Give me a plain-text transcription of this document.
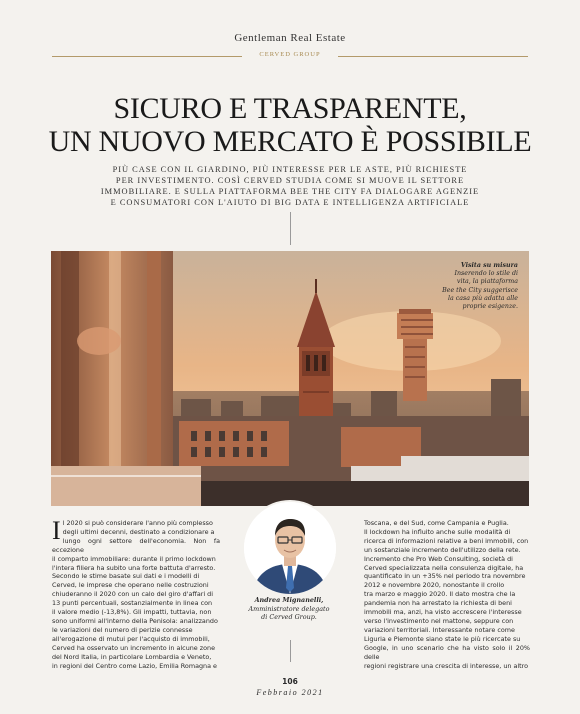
Gentleman Real Estate
CERVED GROUP
SICURO E TRASPARENTE,
UN NUOVO MERCATO È POSSIBILE
PIÙ CASE CON IL GIARDINO, PIÙ INTERESSE PER LE ASTE, PIÙ RICHIESTE
PER INVESTIMENTO. COSÌ CERVED STUDIA COME SI MUOVE IL SETTORE
IMMOBILIARE. E SULLA PIATTAFORMA BEE THE CITY FA DIALOGARE AGENZIE
E CONSUMATORI CON L'AIUTO DI BIG DATA E INTELLIGENZA ARTIFICIALE
Visita su misura
Inserendo lo stile di
vita, la piattaforma
Bee the City suggerisce
la casa più adatta alle
proprie esigenze.
I l 2020 si può considerare l'anno più complesso
degli ultimi decenni, destinato a condizionare a
lungo ogni settore dell'economia. Non fa eccezione
il comparto immobiliare: durante il primo lockdown
l'intera filiera ha subito una forte battuta d'arresto.
Secondo le stime basate sui dati e i modelli di
Cerved, le imprese che operano nelle costruzioni
chiuderanno il 2020 con un calo del giro d'affari di
13 punti percentuali, sostanzialmente in linea con
il valore medio (-13,8%). Gli impatti, tuttavia, non
sono uniformi all'interno della Penisola: analizzando
le variazioni del numero di perizie connesse
all'erogazione di mutui per l'acquisto di immobili,
Cerved ha osservato un incremento in alcune zone
del Nord Italia, in particolare Lombardia e Veneto,
in regioni del Centro come Lazio, Emilia Romagna e
Andrea Mignanelli,
Amministratore delegato
di Cerved Group.
Toscana, e del Sud, come Campania e Puglia.
Il lockdown ha influito anche sulle modalità di
ricerca di informazioni relative a beni immobili, con
un sostanziale incremento dell'utilizzo della rete.
Incremento che Pro Web Consulting, società di
Cerved specializzata nella consulenza digitale, ha
quantificato in un +35% nel periodo tra novembre
2012 e novembre 2020, nonostante il crollo
tra marzo e maggio 2020. Il dato mostra che la
pandemia non ha arrestato la richiesta di beni
immobili ma, anzi, ha visto accrescere l'interesse
verso l'investimento nel mattone, seppure con
variazioni territoriali. Interessante notare come
Liguria e Piemonte siano state le più ricercate su
Google, in uno scenario che ha visto solo il 20% delle
regioni registrare una crescita di interesse, un altro
106
Febbraio 2021
